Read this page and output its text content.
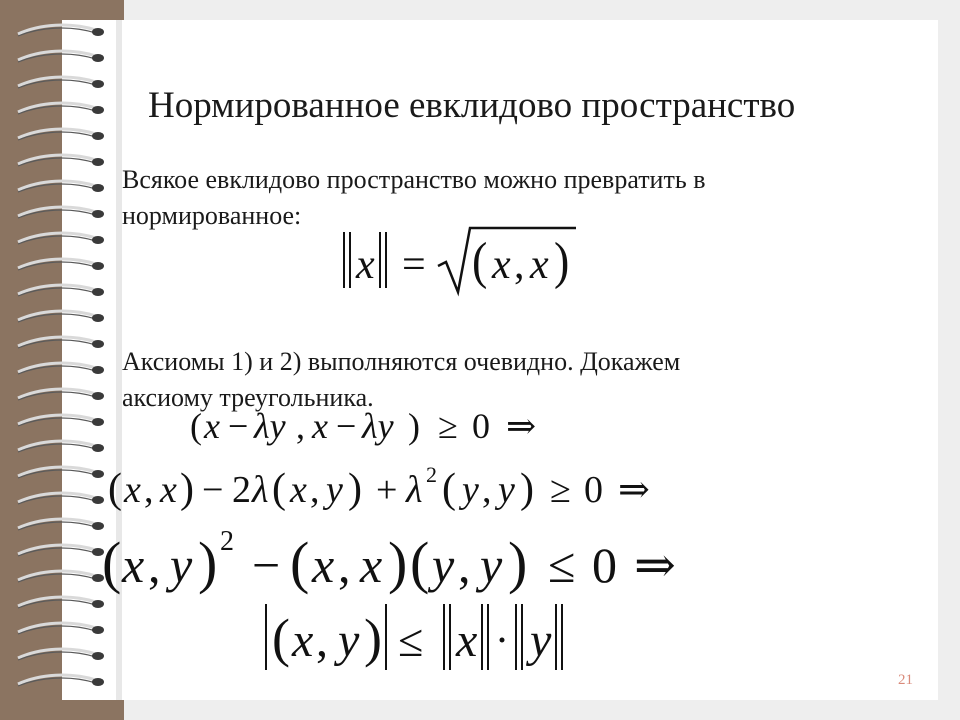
Нормированное евклидово пространство
Всякое евклидово пространство можно превратить в
нормированное:
x = ( x , x )
Аксиомы 1) и 2) выполняются очевидно. Докажем
аксиому треугольника.
( x − λy , x − λy ) ≥ 0 ⇒
( x , x ) − 2 λ ( x , y ) + λ 2 ( y , y ) ≥ 0 ⇒
( x , y ) 2 − ( x , x ) ( y , y ) ≤ 0 ⇒
( x , y ) ≤ x y
21
